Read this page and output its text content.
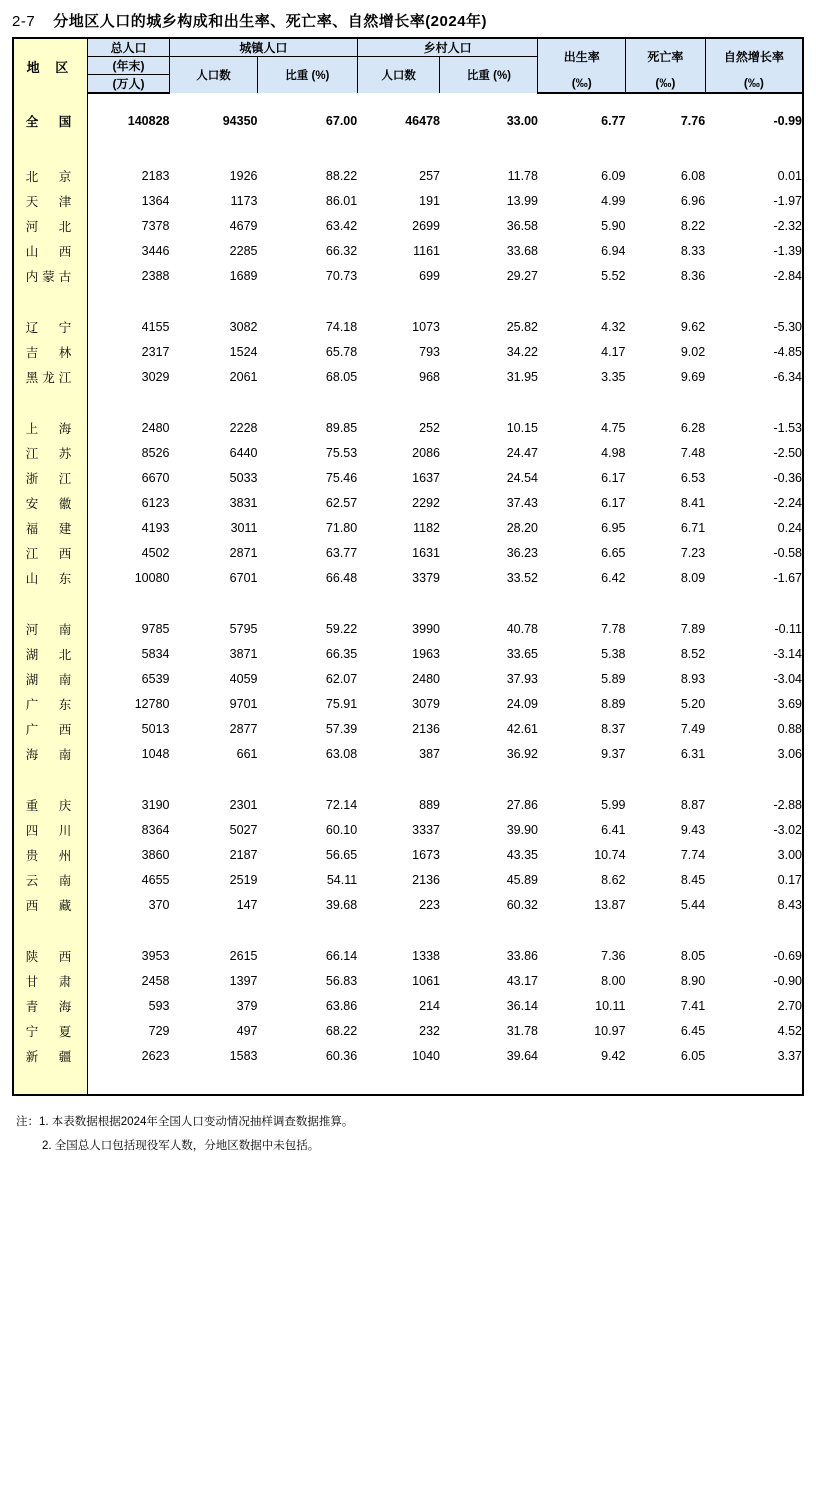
2-7 分地区人口的城乡构成和出生率、死亡率、自然增长率(2024年)
地 区	总人口	城镇人口		乡村人口		出生率	死亡率	自然增长率
	(年末)	人口数	比重 (%)	人口数	比重 (%)			
	(万人)					(‰)	(‰)	(‰)

全　国	140828	94350	67.00	46478	33.00	6.77	7.76	-0.99

北　京	2183	1926	88.22	257	11.78	6.09	6.08	0.01
天　津	1364	1173	86.01	191	13.99	4.99	6.96	-1.97
河　北	7378	4679	63.42	2699	36.58	5.90	8.22	-2.32
山　西	3446	2285	66.32	1161	33.68	6.94	8.33	-1.39
内蒙古	2388	1689	70.73	699	29.27	5.52	8.36	-2.84

辽　宁	4155	3082	74.18	1073	25.82	4.32	9.62	-5.30
吉　林	2317	1524	65.78	793	34.22	4.17	9.02	-4.85
黑龙江	3029	2061	68.05	968	31.95	3.35	9.69	-6.34

上　海	2480	2228	89.85	252	10.15	4.75	6.28	-1.53
江　苏	8526	6440	75.53	2086	24.47	4.98	7.48	-2.50
浙　江	6670	5033	75.46	1637	24.54	6.17	6.53	-0.36
安　徽	6123	3831	62.57	2292	37.43	6.17	8.41	-2.24
福　建	4193	3011	71.80	1182	28.20	6.95	6.71	0.24
江　西	4502	2871	63.77	1631	36.23	6.65	7.23	-0.58
山　东	10080	6701	66.48	3379	33.52	6.42	8.09	-1.67

河　南	9785	5795	59.22	3990	40.78	7.78	7.89	-0.11
湖　北	5834	3871	66.35	1963	33.65	5.38	8.52	-3.14
湖　南	6539	4059	62.07	2480	37.93	5.89	8.93	-3.04
广　东	12780	9701	75.91	3079	24.09	8.89	5.20	3.69
广　西	5013	2877	57.39	2136	42.61	8.37	7.49	0.88
海　南	1048	661	63.08	387	36.92	9.37	6.31	3.06

重　庆	3190	2301	72.14	889	27.86	5.99	8.87	-2.88
四　川	8364	5027	60.10	3337	39.90	6.41	9.43	-3.02
贵　州	3860	2187	56.65	1673	43.35	10.74	7.74	3.00
云　南	4655	2519	54.11	2136	45.89	8.62	8.45	0.17
西　藏	370	147	39.68	223	60.32	13.87	5.44	8.43

陕　西	3953	2615	66.14	1338	33.86	7.36	8.05	-0.69
甘　肃	2458	1397	56.83	1061	43.17	8.00	8.90	-0.90
青　海	593	379	63.86	214	36.14	10.11	7.41	2.70
宁　夏	729	497	68.22	232	31.78	10.97	6.45	4.52
新　疆	2623	1583	60.36	1040	39.64	9.42	6.05	3.37

注：1. 本表数据根据2024年全国人口变动情况抽样调查数据推算。
2. 全国总人口包括现役军人数，分地区数据中未包括。
